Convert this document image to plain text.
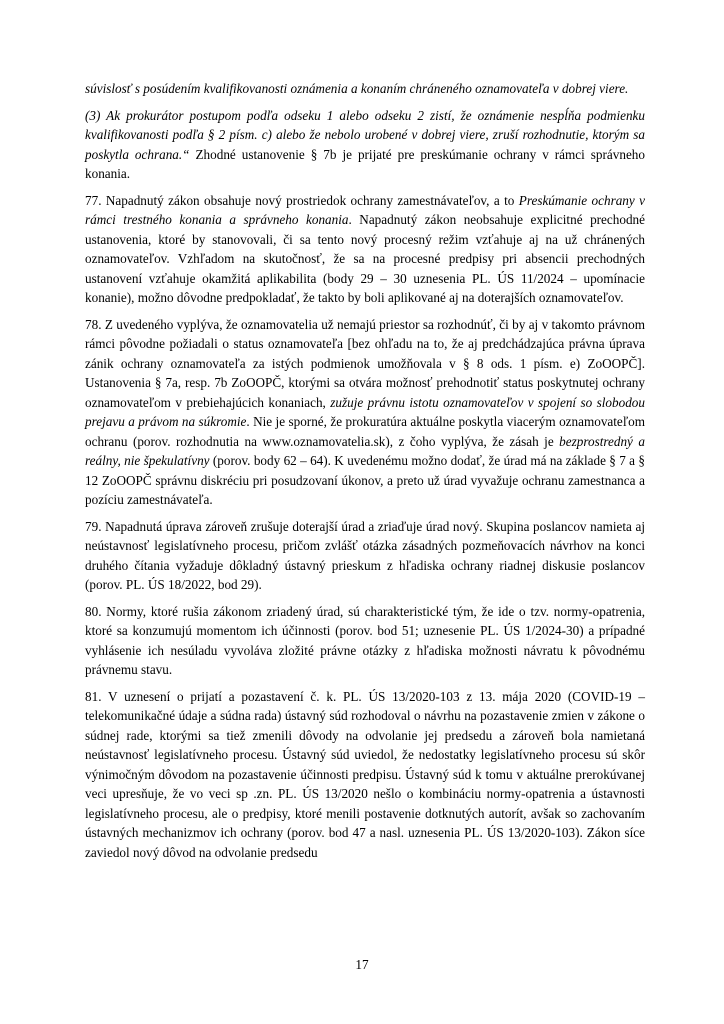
súvislosť s posúdením kvalifikovanosti oznámenia a konaním chráneného oznamovateľa v dobrej viere.

(3) Ak prokurátor postupom podľa odseku 1 alebo odseku 2 zistí, že oznámenie nespĺňa podmienku kvalifikovanosti podľa § 2 písm. c) alebo že nebolo urobené v dobrej viere, zruší rozhodnutie, ktorým sa poskytla ochrana.“ Zhodné ustanovenie § 7b je prijaté pre preskúmanie ochrany v rámci správneho konania.

77. Napadnutý zákon obsahuje nový prostriedok ochrany zamestnávateľov, a to Preskúmanie ochrany v rámci trestného konania a správneho konania. Napadnutý zákon neobsahuje explicitné prechodné ustanovenia, ktoré by stanovovali, či sa tento nový procesný režim vzťahuje aj na už chránených oznamovateľov. Vzhľadom na skutočnosť, že sa na procesné predpisy pri absencii prechodných ustanovení vzťahuje okamžitá aplikabilita (body 29 – 30 uznesenia PL. ÚS 11/2024 – upomínacie konanie), možno dôvodne predpokladať, že takto by boli aplikované aj na doterajších oznamovateľov.

78. Z uvedeného vyplýva, že oznamovatelia už nemajú priestor sa rozhodnúť, či by aj v takomto právnom rámci pôvodne požiadali o status oznamovateľa [bez ohľadu na to, že aj predchádzajúca právna úprava zánik ochrany oznamovateľa za istých podmienok umožňovala v § 8 ods. 1 písm. e) ZoOOPČ]. Ustanovenia § 7a, resp. 7b ZoOOPČ, ktorými sa otvára možnosť prehodnotiť status poskytnutej ochrany oznamovateľom v prebiehajúcich konaniach, zužuje právnu istotu oznamovateľov v spojení so slobodou prejavu a právom na súkromie. Nie je sporné, že prokuratúra aktuálne poskytla viacerým oznamovateľom ochranu (porov. rozhodnutia na www.oznamovatelia.sk), z čoho vyplýva, že zásah je bezprostredný a reálny, nie špekulatívny (porov. body 62 – 64). K uvedenému možno dodať, že úrad má na základe § 7 a § 12 ZoOOPČ správnu diskréciu pri posudzovaní úkonov, a preto už úrad vyvažuje ochranu zamestnanca a pozíciu zamestnávateľa.

79. Napadnutá úprava zároveň zrušuje doterajší úrad a zriaďuje úrad nový. Skupina poslancov namieta aj neústavnosť legislatívneho procesu, pričom zvlášť otázka zásadných pozmeňovacích návrhov na konci druhého čítania vyžaduje dôkladný ústavný prieskum z hľadiska ochrany riadnej diskusie poslancov (porov. PL. ÚS 18/2022, bod 29).

80. Normy, ktoré rušia zákonom zriadený úrad, sú charakteristické tým, že ide o tzv. normy-opatrenia, ktoré sa konzumujú momentom ich účinnosti (porov. bod 51; uznesenie PL. ÚS 1/2024-30) a prípadné vyhlásenie ich nesúladu vyvoláva zložité právne otázky z hľadiska možnosti návratu k pôvodnému právnemu stavu.

81. V uznesení o prijatí a pozastavení č. k. PL. ÚS 13/2020-103 z 13. mája 2020 (COVID-19 – telekomunikačné údaje a súdna rada) ústavný súd rozhodoval o návrhu na pozastavenie zmien v zákone o súdnej rade, ktorými sa tiež zmenili dôvody na odvolanie jej predsedu a zároveň bola namietaná neústavnosť legislatívneho procesu. Ústavný súd uviedol, že nedostatky legislatívneho procesu sú skôr výnimočným dôvodom na pozastavenie účinnosti predpisu. Ústavný súd k tomu v aktuálne prerokúvanej veci upresňuje, že vo veci sp .zn. PL. ÚS 13/2020 nešlo o kombináciu normy-opatrenia a ústavnosti legislatívneho procesu, ale o predpisy, ktoré menili postavenie dotknutých autorít, avšak so zachovaním ústavných mechanizmov ich ochrany (porov. bod 47 a nasl. uznesenia PL. ÚS 13/2020-103). Zákon síce zaviedol nový dôvod na odvolanie predsedu

17
